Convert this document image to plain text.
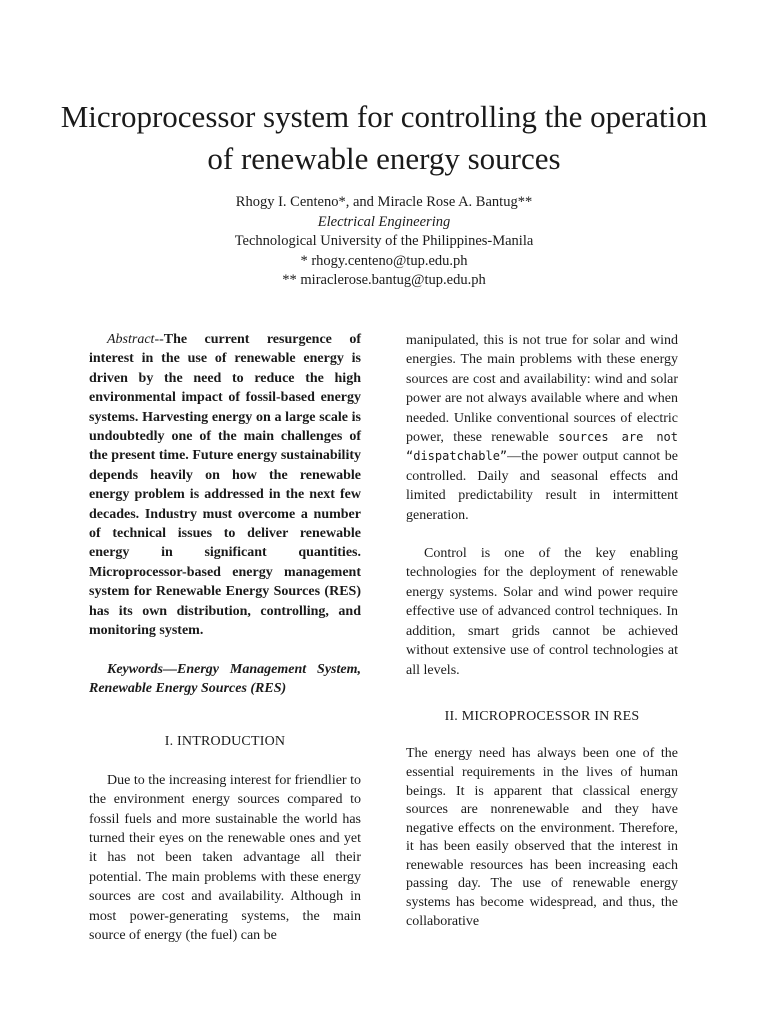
Microprocessor system for controlling the operation of renewable energy sources
Rhogy I. Centeno*, and Miracle Rose A. Bantug**
Electrical Engineering
Technological University of the Philippines-Manila
* rhogy.centeno@tup.edu.ph
** miraclerose.bantug@tup.edu.ph

Abstract--The current resurgence of interest in the use of renewable energy is driven by the need to reduce the high environmental impact of fossil-based energy systems. Harvesting energy on a large scale is undoubtedly one of the main challenges of the present time. Future energy sustainability depends heavily on how the renewable energy problem is addressed in the next few decades. Industry must overcome a number of technical issues to deliver renewable energy in significant quantities. Microprocessor-based energy management system for Renewable Energy Sources (RES) has its own distribution, controlling, and monitoring system.

Keywords—Energy Management System, Renewable Energy Sources (RES)

I. INTRODUCTION

Due to the increasing interest for friendlier to the environment energy sources compared to fossil fuels and more sustainable the world has turned their eyes on the renewable ones and yet it has not been taken advantage all their potential. The main problems with these energy sources are cost and availability. Although in most power-generating systems, the main source of energy (the fuel) can be

manipulated, this is not true for solar and wind energies. The main problems with these energy sources are cost and availability: wind and solar power are not always available where and when needed. Unlike conventional sources of electric power, these renewable sources are not “dispatchable”—the power output cannot be controlled. Daily and seasonal effects and limited predictability result in intermittent generation.

Control is one of the key enabling technologies for the deployment of renewable energy systems. Solar and wind power require effective use of advanced control techniques. In addition, smart grids cannot be achieved without extensive use of control technologies at all levels.

II. MICROPROCESSOR IN RES

The energy need has always been one of the essential requirements in the lives of human beings. It is apparent that classical energy sources are nonrenewable and they have negative effects on the environment. Therefore, it has been easily observed that the interest in renewable resources has been increasing each passing day. The use of renewable energy systems has become widespread, and thus, the collaborative
